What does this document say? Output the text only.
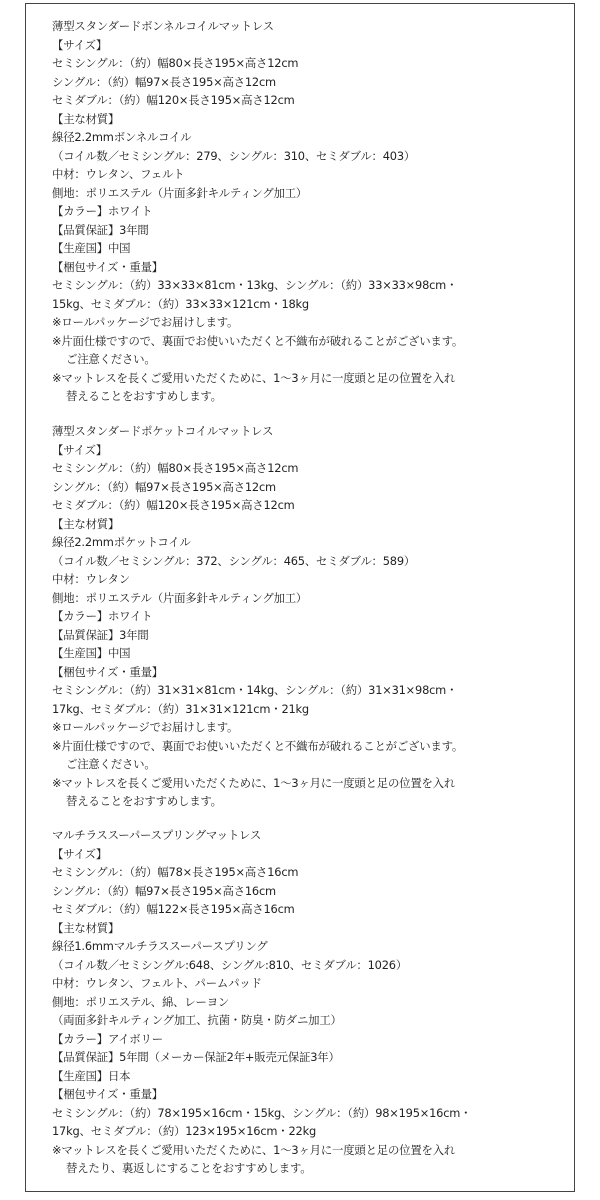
薄型スタンダードボンネルコイルマットレス
【サイズ】
セミシングル：（約）幅80×長さ195×高さ12cm
シングル：（約）幅97×長さ195×高さ12cm
セミダブル：（約）幅120×長さ195×高さ12cm
【主な材質】
線径2.2mmボンネルコイル
（コイル数／セミシングル：279、シングル：310、セミダブル：403）
中材：ウレタン、フェルト
側地：ポリエステル（片面多針キルティング加工）
【カラー】ホワイト
【品質保証】3年間
【生産国】中国
【梱包サイズ・重量】
セミシングル：（約）33×33×81cm・13kg、シングル：（約）33×33×98cm・
15kg、セミダブル：（約）33×33×121cm・18kg
※ロールパッケージでお届けします。
※片面仕様ですので、裏面でお使いいただくと不織布が破れることがございます。
ご注意ください。
※マットレスを長くご愛用いただくために、1〜3ヶ月に一度頭と足の位置を入れ
替えることをおすすめします。
薄型スタンダードポケットコイルマットレス
【サイズ】
セミシングル：（約）幅80×長さ195×高さ12cm
シングル：（約）幅97×長さ195×高さ12cm
セミダブル：（約）幅120×長さ195×高さ12cm
【主な材質】
線径2.2mmポケットコイル
（コイル数／セミシングル：372、シングル：465、セミダブル：589）
中材：ウレタン
側地：ポリエステル（片面多針キルティング加工）
【カラー】ホワイト
【品質保証】3年間
【生産国】中国
【梱包サイズ・重量】
セミシングル：（約）31×31×81cm・14kg、シングル：（約）31×31×98cm・
17kg、セミダブル：（約）31×31×121cm・21kg
※ロールパッケージでお届けします。
※片面仕様ですので、裏面でお使いいただくと不織布が破れることがございます。
ご注意ください。
※マットレスを長くご愛用いただくために、1〜3ヶ月に一度頭と足の位置を入れ
替えることをおすすめします。
マルチラススーパースプリングマットレス
【サイズ】
セミシングル：（約）幅78×長さ195×高さ16cm
シングル：（約）幅97×長さ195×高さ16cm
セミダブル：（約）幅122×長さ195×高さ16cm
【主な材質】
線径1.6mmマルチラススーパースプリング
（コイル数／セミシングル:648、シングル:810、セミダブル：1026）
中材：ウレタン、フェルト、パームパッド
側地：ポリエステル、綿、レーヨン
（両面多針キルティング加工、抗菌・防臭・防ダニ加工）
【カラー】アイボリー
【品質保証】5年間（メーカー保証2年+販売元保証3年）
【生産国】日本
【梱包サイズ・重量】
セミシングル：（約）78×195×16cm・15kg、シングル：（約）98×195×16cm・
17kg、セミダブル：（約）123×195×16cm・22kg
※マットレスを長くご愛用いただくために、1〜3ヶ月に一度頭と足の位置を入れ
替えたり、裏返しにすることをおすすめします。
